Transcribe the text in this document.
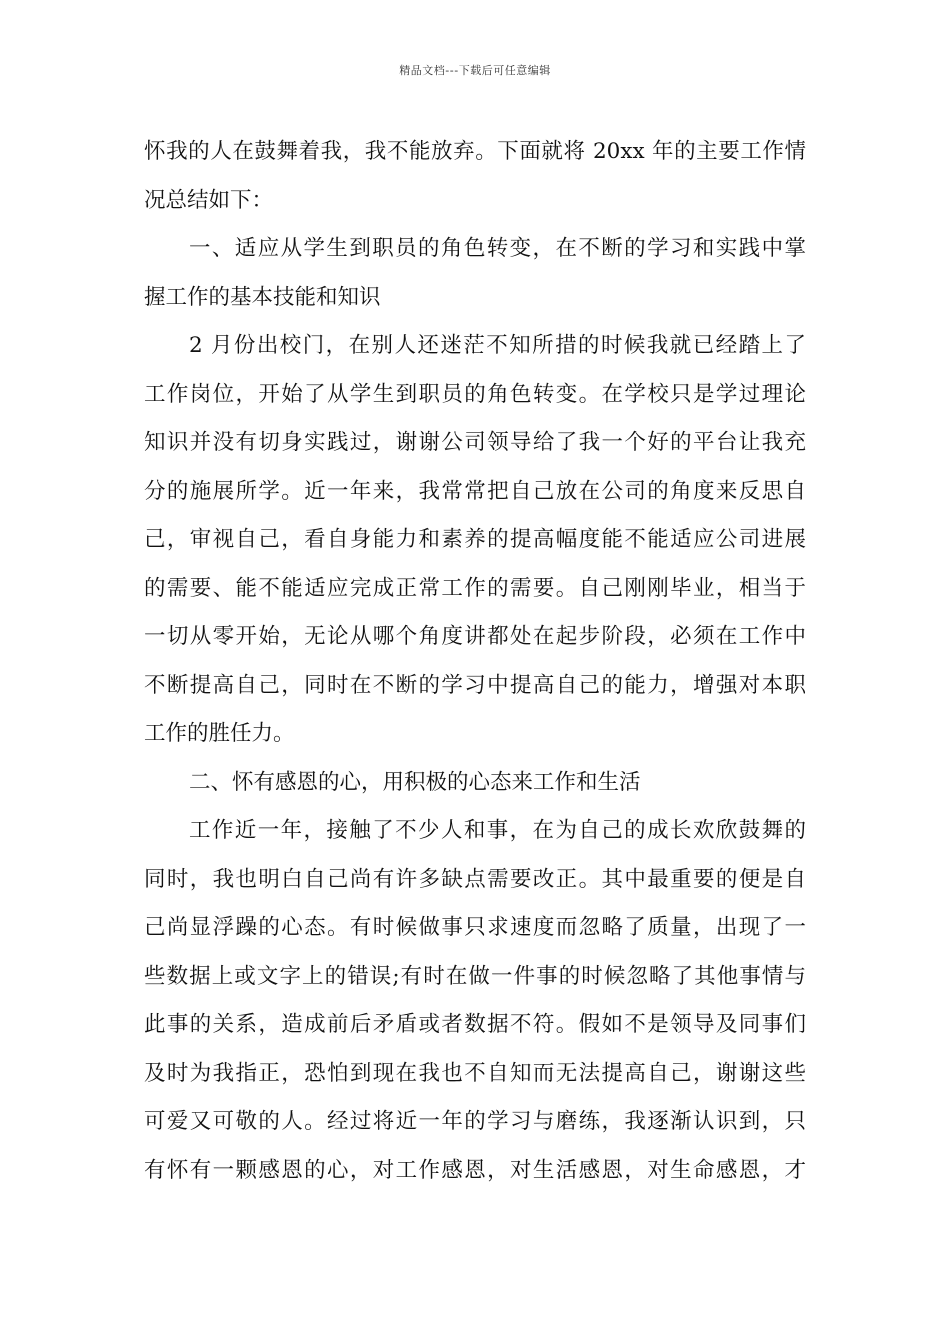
精品文档---下载后可任意编辑
怀我的人在鼓舞着我，我不能放弃。下面就将 20xx 年的主要工作情
况总结如下：
一、适应从学生到职员的角色转变，在不断的学习和实践中掌
握工作的基本技能和知识
2 月份出校门，在别人还迷茫不知所措的时候我就已经踏上了
工作岗位，开始了从学生到职员的角色转变。在学校只是学过理论
知识并没有切身实践过，谢谢公司领导给了我一个好的平台让我充
分的施展所学。近一年来，我常常把自己放在公司的角度来反思自
己，审视自己，看自身能力和素养的提高幅度能不能适应公司进展
的需要、能不能适应完成正常工作的需要。自己刚刚毕业，相当于
一切从零开始，无论从哪个角度讲都处在起步阶段，必须在工作中
不断提高自己，同时在不断的学习中提高自己的能力，增强对本职
工作的胜任力。
二、怀有感恩的心，用积极的心态来工作和生活
工作近一年，接触了不少人和事，在为自己的成长欢欣鼓舞的
同时，我也明白自己尚有许多缺点需要改正。其中最重要的便是自
己尚显浮躁的心态。有时候做事只求速度而忽略了质量，出现了一
些数据上或文字上的错误;有时在做一件事的时候忽略了其他事情与
此事的关系，造成前后矛盾或者数据不符。假如不是领导及同事们
及时为我指正，恐怕到现在我也不自知而无法提高自己，谢谢这些
可爱又可敬的人。经过将近一年的学习与磨练，我逐渐认识到，只
有怀有一颗感恩的心，对工作感恩，对生活感恩，对生命感恩，才
